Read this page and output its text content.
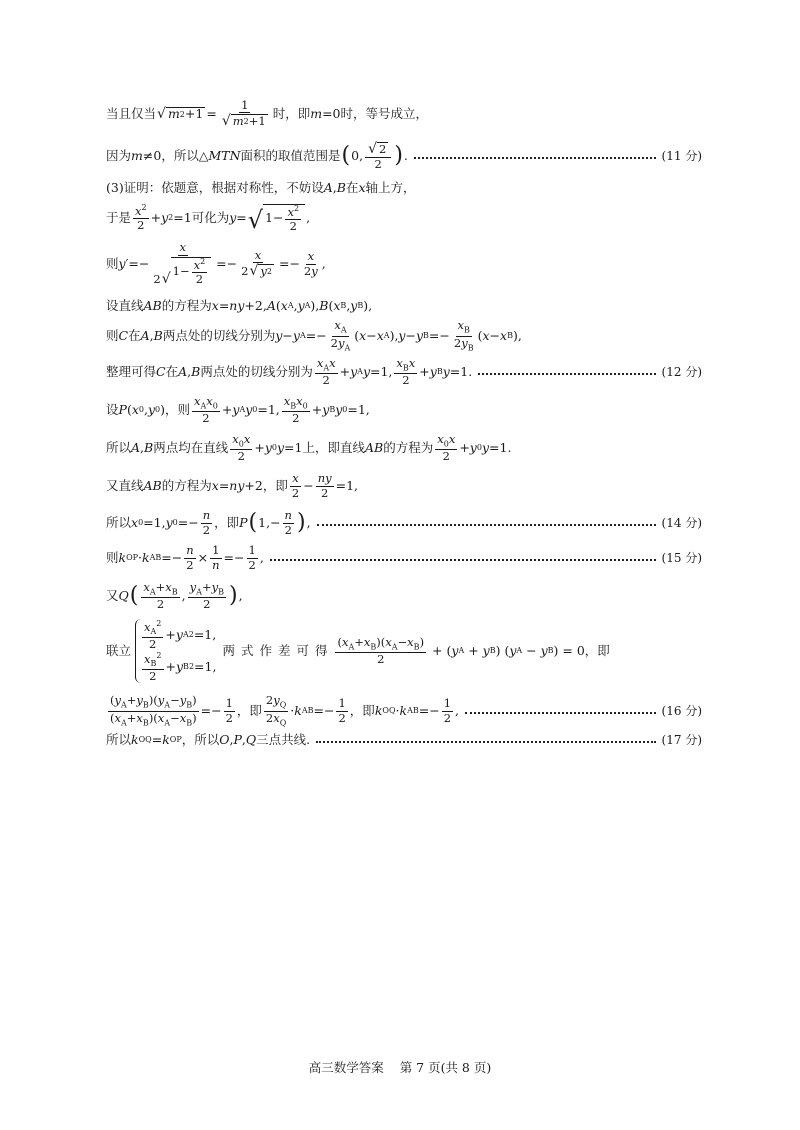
当且仅当 √ m $2 +1 = \frac{1}{√ m 2 +1}$ 时，即 m =0 时，等号成立，
因为 m ≠0 ，所以△ MTN 面积的取值范围是 ( 0, $\frac{√ 2}{2}$ ) .	(11 分)
(3)证明：依题意，根据对称性，不妨设 A , B 在 x 轴上方，
于是 $\frac{x^2}{2} + y$ 2 =1 可化为 y = √ $1- \frac{x^2}{2}$ ,
则 y ′=− $\frac{x}{2 √ 1- \frac{x^2}{2}} =- \frac{x}{2 √ y 2} =- \frac{x}{2y}$ ,
设直线 AB 的方程为 x = ny +2, A ( x A , y A ), B ( x B , y B ),
则 C 在 A , B 两点处的切线分别为 y − y $A =- \frac{x_A}{2y_A}$ ( x − x A ), y − y $B =- \frac{x_B}{2y_B}$ ( x − x B ),
整理可得 C 在 A , B 两点处的切线分别为 $\frac{x_Ax}{2} + y$ A y =1, $\frac{x_Bx}{2} + y$ B y =1.	(12 分)
设 P ( x 0 , y 0 )，则 $\frac{x_Ax_0}{2} + y$ A y 0 =1, $\frac{x_Bx_0}{2} + y$ B y 0 =1,
所以 A , B 两点均在直线 $\frac{x_0x}{2} + y$ 0 y =1 上，即直线 AB 的方程为 $\frac{x_0x}{2} + y$ 0 y =1.
又直线 AB 的方程为 x = ny +2 ，即 $\frac{x}{2} - \frac{ny}{2} =1$,
所以 x 0 =1, y $0 =- \frac{n}{2}$ ，即 P ( $1,- \frac{n}{2}$ ) ,	(14 分)
则 k OP · k AB =− $\frac{n}{2} \times \frac{1}{n} =- \frac{1}{2}$ ,	(15 分)
又 Q ( $\frac{x_A+x_B}{2}$ , $\frac{y_A+y_B}{2}$ ) ,
联立 $\frac{x_A^2}{2} + y$ A 2 =1,
$\frac{x_B^2}{2} + y$ B 2 =1,
两式作差可得 $\frac{(x_A+x_B)(x_A-x_B)}{2}$ + ( y A + y B ) ( y A − y B ) = 0 ，即
$\frac{(y_A+y_B)(y_A-y_B)}{(x_A+x_B)(x_A-x_B)} =- \frac{1}{2}$ ，即 $\frac{2y_Q}{2x_Q} \cdot k$ AB =− $\frac{1}{2}$ ，即 k OQ · k AB =− $\frac{1}{2}$ ,	(16 分)
所以 k OQ = k OP ，所以 O , P , Q 三点共线.	(17 分)
高三数学答案 第 7 页(共 8 页)
